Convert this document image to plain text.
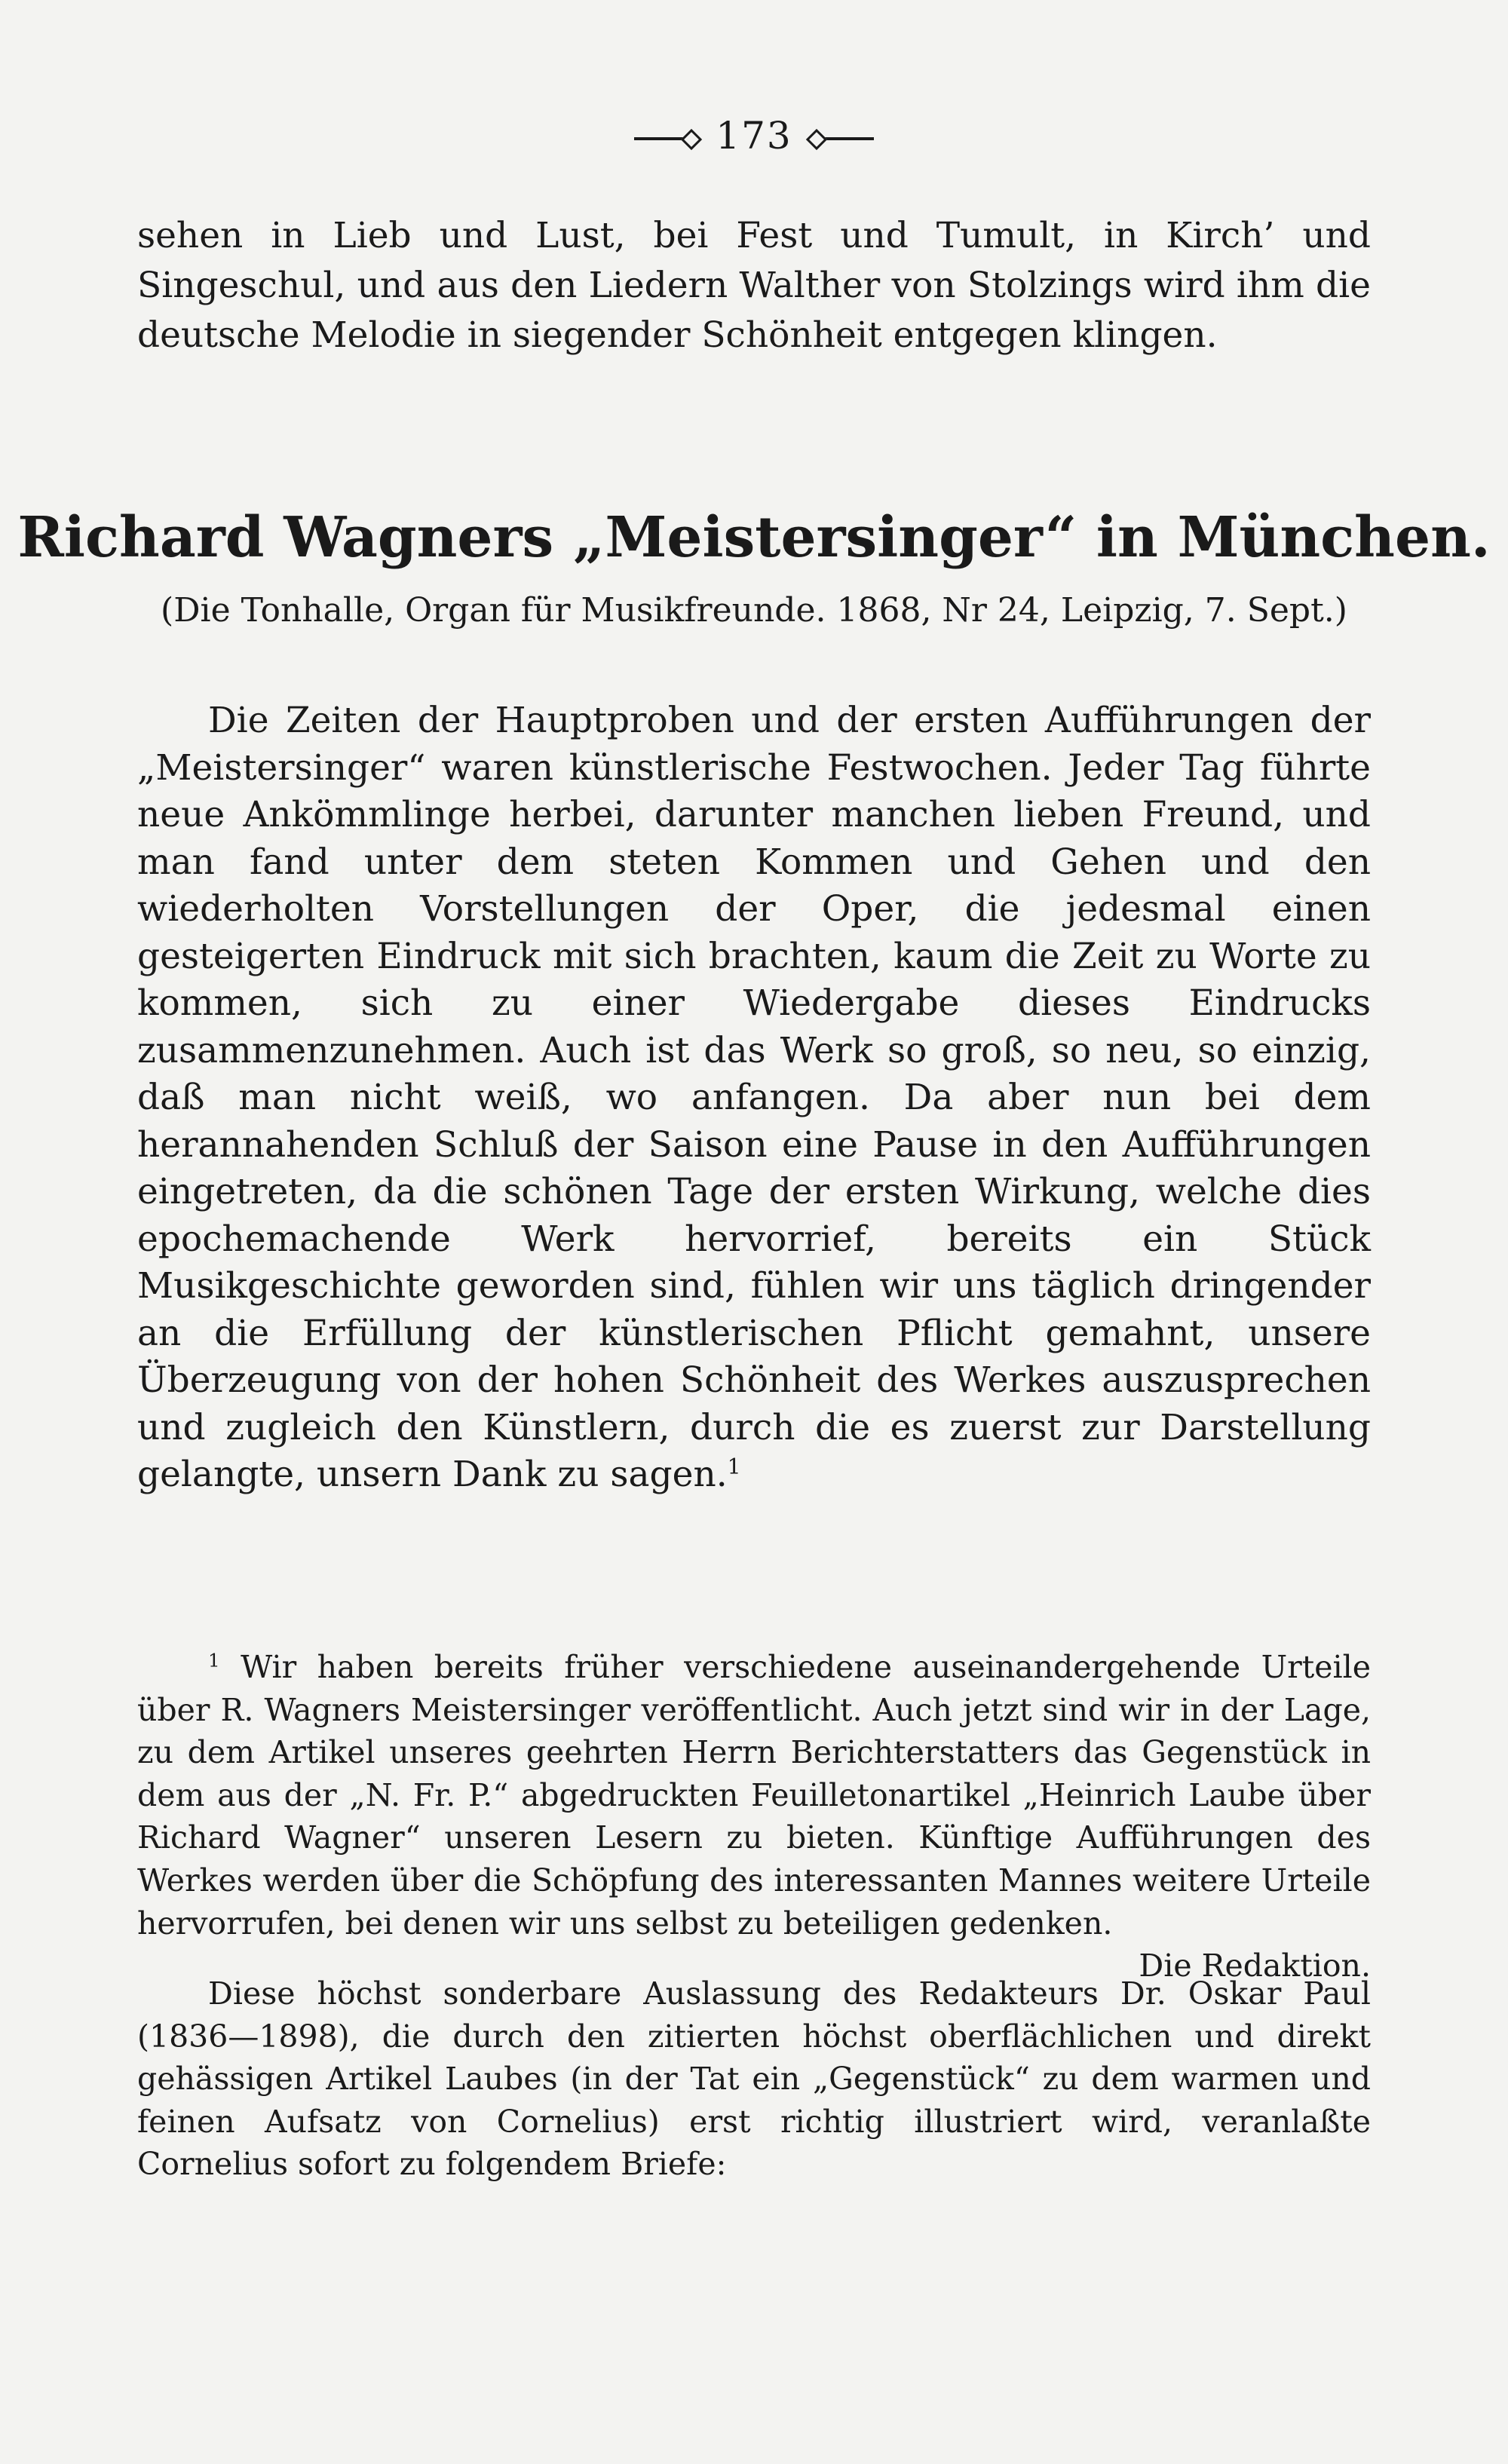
173

sehen in Lieb und Lust, bei Fest und Tumult, in Kirch’ und Singeschul, und aus den Liedern Walther von Stolzings wird ihm die deutsche Melodie in siegender Schönheit entgegen klingen.

Richard Wagners „Meistersinger“ in München.
(Die Tonhalle, Organ für Musikfreunde. 1868, Nr 24, Leipzig, 7. Sept.)

Die Zeiten der Hauptproben und der ersten Aufführungen der „Meistersinger“ waren künstlerische Festwochen. Jeder Tag führte neue Ankömmlinge herbei, darunter manchen lieben Freund, und man fand unter dem steten Kommen und Gehen und den wiederholten Vorstellungen der Oper, die jedesmal einen gesteigerten Eindruck mit sich brachten, kaum die Zeit zu Worte zu kommen, sich zu einer Wiedergabe dieses Eindrucks zusammenzunehmen. Auch ist das Werk so groß, so neu, so einzig, daß man nicht weiß, wo anfangen. Da aber nun bei dem herannahenden Schluß der Saison eine Pause in den Aufführungen eingetreten, da die schönen Tage der ersten Wirkung, welche dies epochemachende Werk hervorrief, bereits ein Stück Musikgeschichte geworden sind, fühlen wir uns täglich dringender an die Erfüllung der künstlerischen Pflicht gemahnt, unsere Überzeugung von der hohen Schönheit des Werkes auszusprechen und zugleich den Künstlern, durch die es zuerst zur Darstellung gelangte, unsern Dank zu sagen.$^1$

$^1$ Wir haben bereits früher verschiedene auseinandergehende Urteile über R. Wagners Meistersinger veröffentlicht. Auch jetzt sind wir in der Lage, zu dem Artikel unseres geehrten Herrn Berichterstatters das Gegenstück in dem aus der „N. Fr. P.“ abgedruckten Feuilletonartikel „Heinrich Laube über Richard Wagner“ unseren Lesern zu bieten. Künftige Aufführungen des Werkes werden über die Schöpfung des interessanten Mannes weitere Urteile hervorrufen, bei denen wir uns selbst zu beteiligen gedenken.
Die Redaktion.

Diese höchst sonderbare Auslassung des Redakteurs Dr. Oskar Paul (1836—1898), die durch den zitierten höchst oberflächlichen und direkt gehässigen Artikel Laubes (in der Tat ein „Gegenstück“ zu dem warmen und feinen Aufsatz von Cornelius) erst richtig illustriert wird, veranlaßte Cornelius sofort zu folgendem Briefe:
